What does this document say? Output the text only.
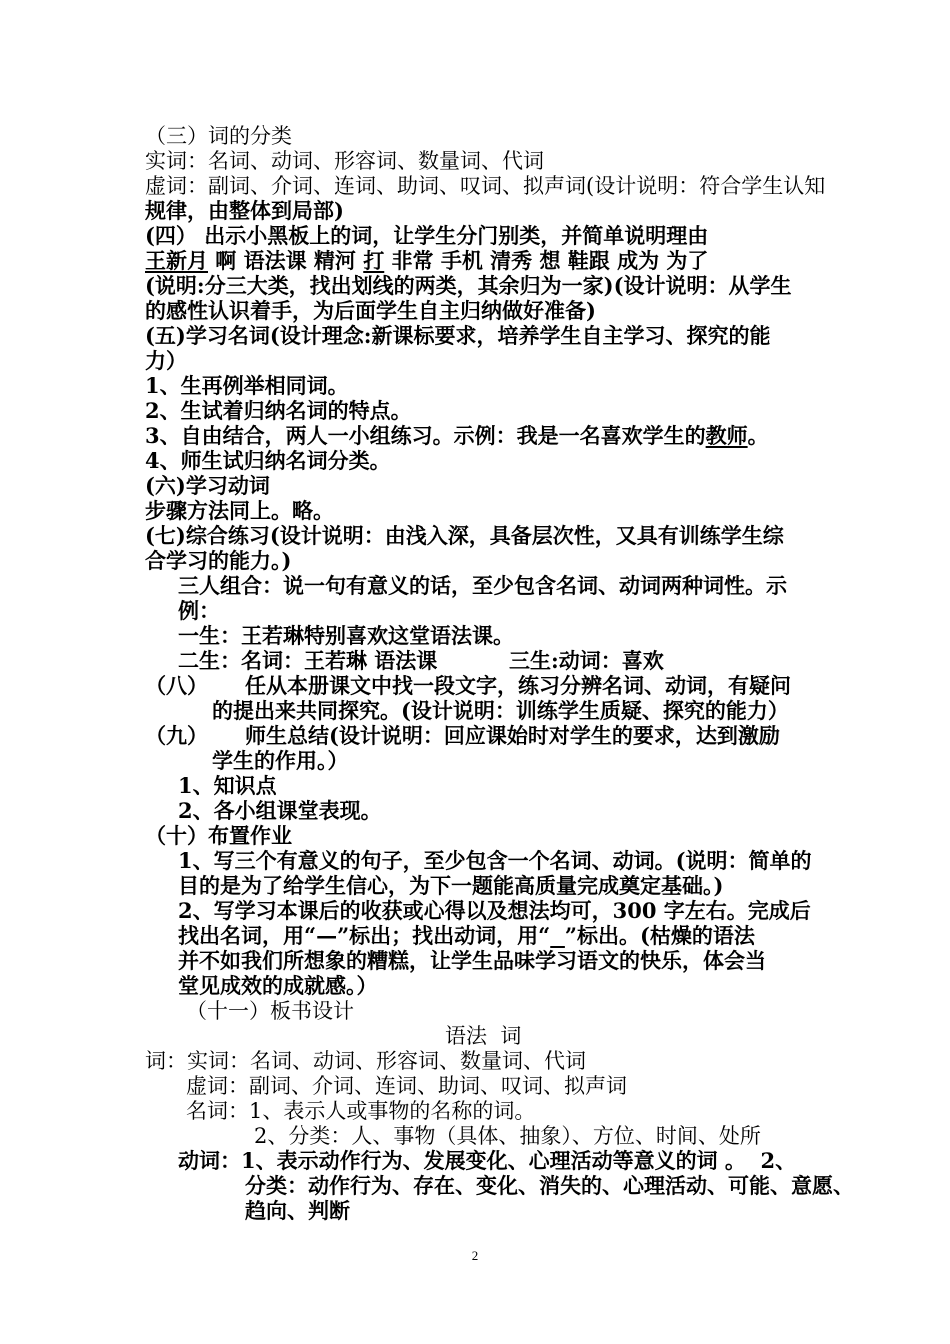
（三）词的分类
实词：名词、动词、形容词、数量词、代词
虚词：副词、介词、连词、助词、叹词、拟声词(设计说明：符合学生认知
规律，由整体到局部)
(四） 出示小黑板上的词，让学生分门别类，并简单说明理由
王新月 啊 语法课 精河 打 非常 手机 清秀 想 鞋跟 成为 为了
(说明:分三大类，找出划线的两类，其余归为一家)(设计说明：从学生
的感性认识着手，为后面学生自主归纳做好准备)
(五)学习名词(设计理念:新课标要求，培养学生自主学习、探究的能
力）
1、生再例举相同词。
2、生试着归纳名词的特点。
3、自由结合，两人一小组练习。示例：我是一名喜欢学生的教师。
4、师生试归纳名词分类。
(六)学习动词
步骤方法同上。略。
(七)综合练习(设计说明：由浅入深，具备层次性，又具有训练学生综
合学习的能力。)
三人组合：说一句有意义的话，至少包含名词、动词两种词性。示
例：
一生：王若琳特别喜欢这堂语法课。
二生：名词：王若琳 语法课	三生:动词：喜欢
（八） 任从本册课文中找一段文字，练习分辨名词、动词，有疑问
的提出来共同探究。(设计说明：训练学生质疑、探究的能力）
（九） 师生总结(设计说明：回应课始时对学生的要求，达到激励
学生的作用。）
1、知识点
2、各小组课堂表现。
（十）布置作业
1、写三个有意义的句子，至少包含一个名词、动词。(说明：简单的
目的是为了给学生信心，为下一题能高质量完成奠定基础。)
2、写学习本课后的收获或心得以及想法均可，300 字左右。完成后
找出名词，用“—”标出；找出动词，用“ ”标出。(枯燥的语法
并不如我们所想象的糟糕，让学生品味学习语文的快乐，体会当
堂见成效的成就感。）
（十一）板书设计
语法  词
词：实词：名词、动词、形容词、数量词、代词
虚词：副词、介词、连词、助词、叹词、拟声词
名词：1、表示人或事物的名称的词。
2、分类：人、事物（具体、抽象）、方位、时间、处所
动词：1、表示动作行为、发展变化、心理活动等意义的词 。  2、
分类：动作行为、存在、变化、消失的、心理活动、可能、意愿、
趋向、判断
2
